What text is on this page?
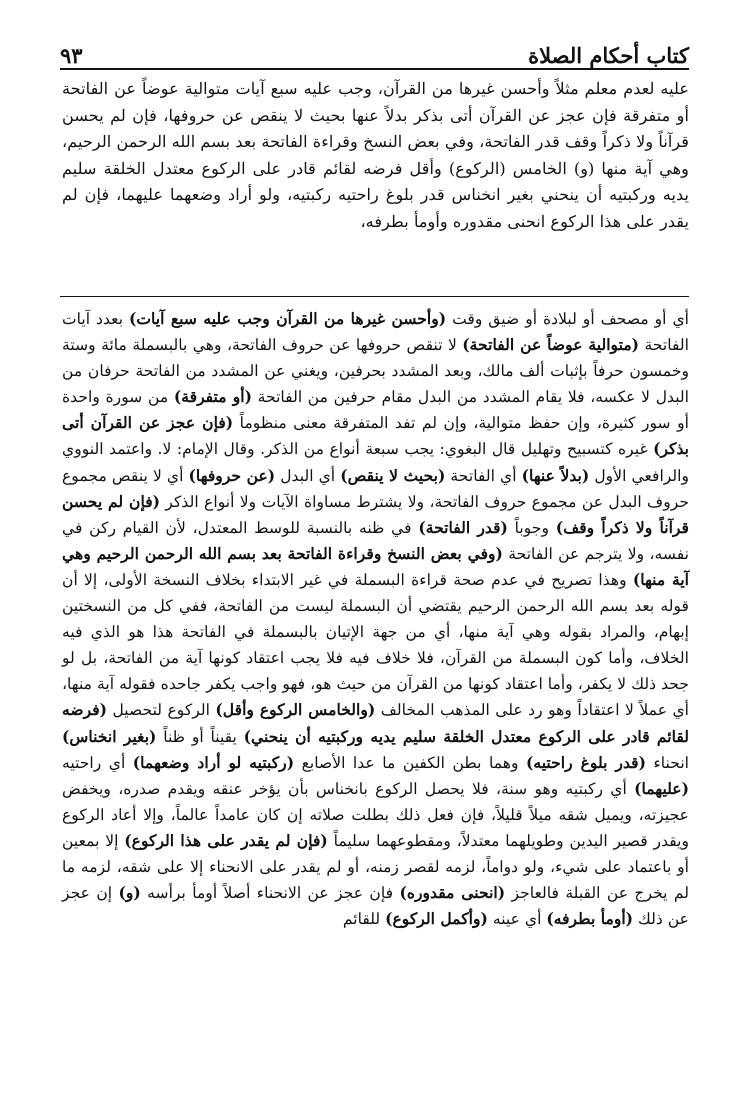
كتاب أحكام الصلاة
٩٣

عليه لعدم معلم مثلاً وأحسن غيرها من القرآن، وجب عليه سبع آيات متوالية عوضاً عن الفاتحة أو متفرقة فإن عجز عن القرآن أتى بذكر بدلاً عنها بحيث لا ينقص عن حروفها، فإن لم يحسن قرآناً ولا ذكراً وقف قدر الفاتحة، وفي بعض النسخ وقراءة الفاتحة بعد بسم الله الرحمن الرحيم، وهي آية منها (و) الخامس (الركوع) وأقل فرضه لقائم قادر على الركوع معتدل الخلقة سليم يديه وركبتيه أن ينحني بغير انخناس قدر بلوغ راحتيه ركبتيه، ولو أراد وضعهما عليهما، فإن لم يقدر على هذا الركوع انحنى مقدوره وأومأ بطرفه،

أي أو مصحف أو لبلادة أو ضيق وقت (وأحسن غيرها من القرآن وجب عليه سبع آيات) بعدد آيات الفاتحة (متوالية عوضاً عن الفاتحة) لا تنقص حروفها عن حروف الفاتحة، وهي بالبسملة مائة وستة وخمسون حرفاً بإثبات ألف مالك، وبعد المشدد بحرفين، ويغني عن المشدد من الفاتحة حرفان من البدل لا عكسه، فلا يقام المشدد من البدل مقام حرفين من الفاتحة (أو متفرقة) من سورة واحدة أو سور كثيرة، وإن حفظ متوالية، وإن لم تفد المتفرقة معنى منظوماً (فإن عجز عن القرآن أتى بذكر) غيره كتسبيح وتهليل قال البغوي: يجب سبعة أنواع من الذكر. وقال الإمام: لا. واعتمد النووي والرافعي الأول (بدلاً عنها) أي الفاتحة (بحيث لا ينقص) أي البدل (عن حروفها) أي لا ينقص مجموع حروف البدل عن مجموع حروف الفاتحة، ولا يشترط مساواة الآيات ولا أنواع الذكر (فإن لم يحسن قرآناً ولا ذكراً وقف) وجوباً (قدر الفاتحة) في ظنه بالنسبة للوسط المعتدل، لأن القيام ركن في نفسه، ولا يترجم عن الفاتحة (وفي بعض النسخ وقراءة الفاتحة بعد بسم الله الرحمن الرحيم وهي آية منها) وهذا تصريح في عدم صحة قراءة البسملة في غير الابتداء بخلاف النسخة الأولى، إلا أن قوله بعد بسم الله الرحمن الرحيم يقتضي أن البسملة ليست من الفاتحة، ففي كل من النسختين إبهام، والمراد بقوله وهي آية منها، أي من جهة الإتيان بالبسملة في الفاتحة هذا هو الذي فيه الخلاف، وأما كون البسملة من القرآن، فلا خلاف فيه فلا يجب اعتقاد كونها آية من الفاتحة، بل لو جحد ذلك لا يكفر، وأما اعتقاد كونها من القرآن من حيث هو، فهو واجب يكفر جاحده فقوله آية منها، أي عملاً لا اعتقاداً وهو رد على المذهب المخالف (والخامس الركوع وأقل) الركوع لتحصيل (فرضه لقائم قادر على الركوع معتدل الخلقة سليم يديه وركبتيه أن ينحني) يقيناً أو ظناً (بغير انخناس) انحناء (قدر بلوغ راحتيه) وهما بطن الكفين ما عدا الأصابع (ركبتيه لو أراد وضعهما) أي راحتيه (عليهما) أي ركبتيه وهو سنة، فلا يحصل الركوع بانخناس بأن يؤخر عنقه ويقدم صدره، ويخفض عجيزته، ويميل شقه ميلاً قليلاً، فإن فعل ذلك بطلت صلاته إن كان عامداً عالماً، وإلا أعاد الركوع ويقدر قصير اليدين وطويلهما معتدلاً، ومقطوعهما سليماً (فإن لم يقدر على هذا الركوع) إلا بمعين أو باعتماد على شيء، ولو دواماً، لزمه لقصر زمنه، أو لم يقدر على الانحناء إلا على شقه، لزمه ما لم يخرج عن القبلة فالعاجز (انحنى مقدوره) فإن عجز عن الانحناء أصلاً أومأ برأسه (و) إن عجز عن ذلك (أومأ بطرفه) أي عينه (وأكمل الركوع) للقائم
